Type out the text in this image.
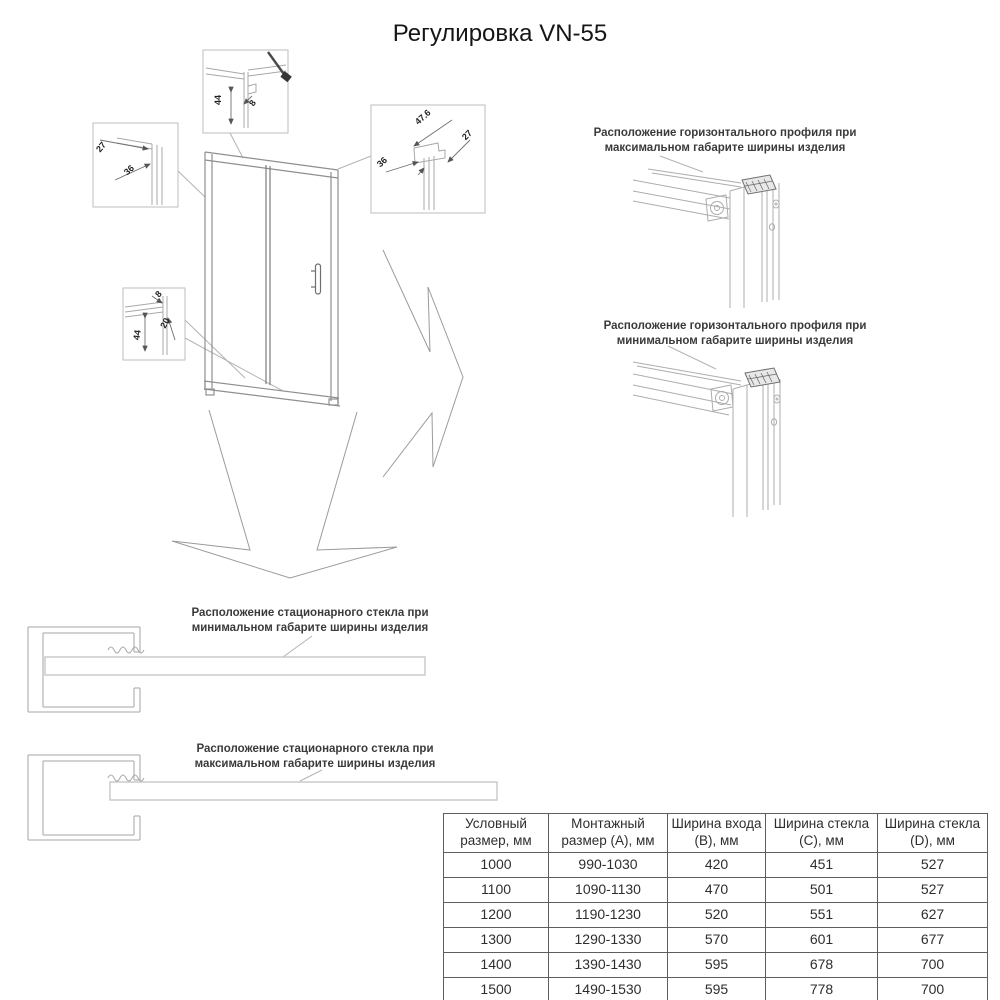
Регулировка VN-55
44	8
27
36
47.6
27
36
8
20
44
Расположение горизонтального профиля при
максимальном габарите ширины изделия
Расположение горизонтального профиля при
минимальном габарите ширины изделия
Расположение стационарного стекла при
минимальном габарите ширины изделия
Расположение стационарного стекла при
максимальном габарите ширины изделия
Условный размер, мм	Монтажный размер (А), мм	Ширина входа (В), мм	Ширина стекла (С), мм	Ширина стекла (D), мм
1000	990-1030	420	451	527
1100	1090-1130	470	501	527
1200	1190-1230	520	551	627
1300	1290-1330	570	601	677
1400	1390-1430	595	678	700
1500	1490-1530	595	778	700
